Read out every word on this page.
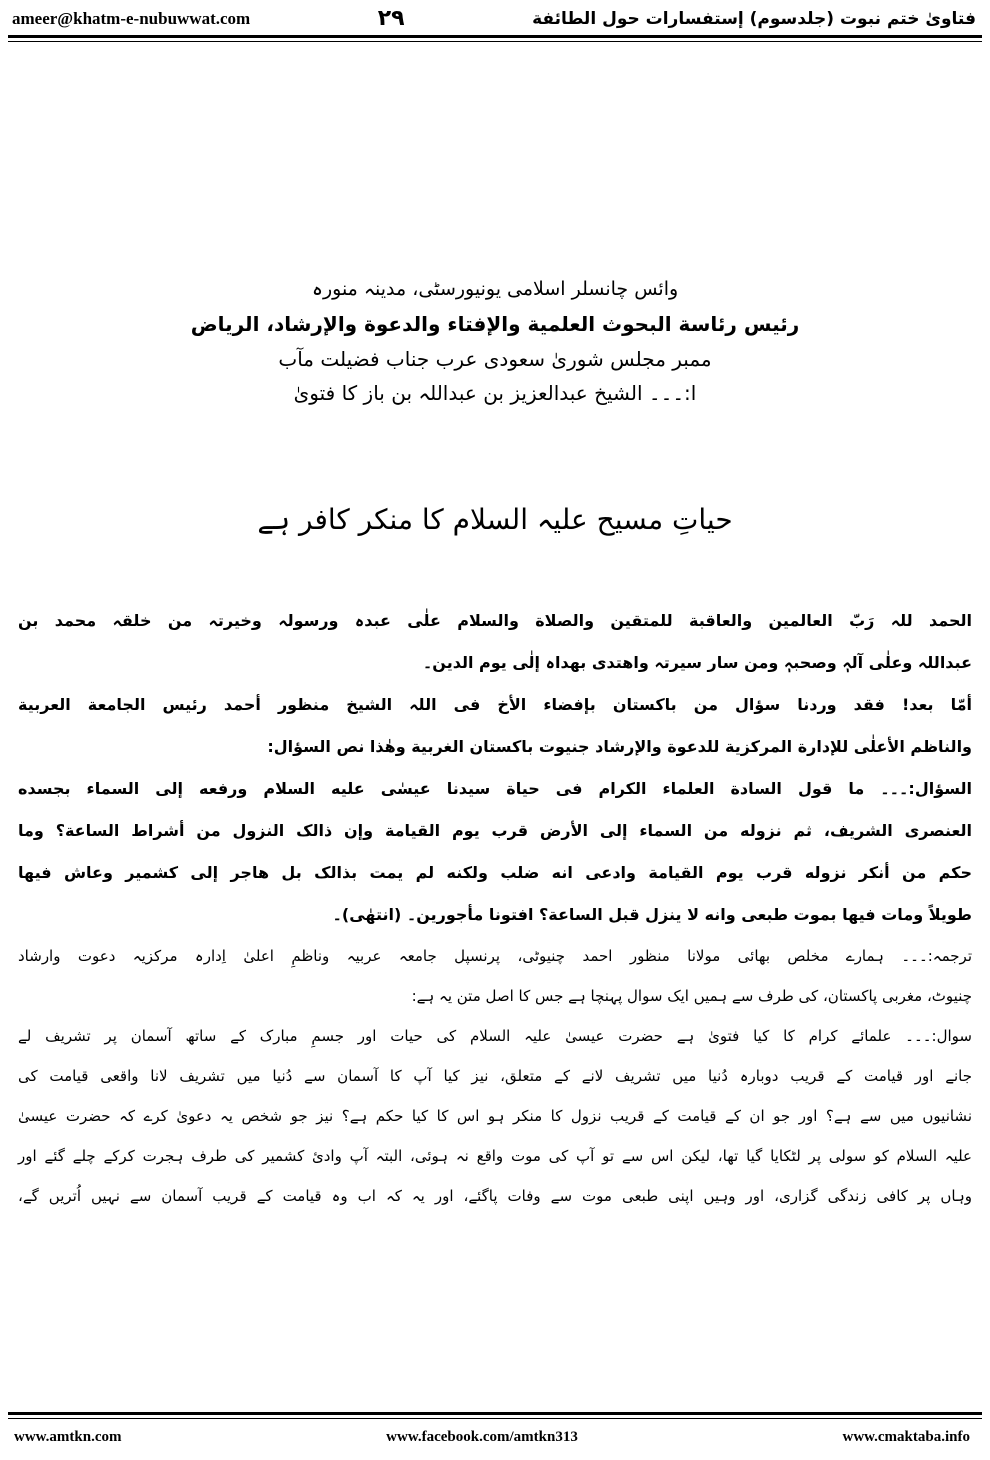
ameer@khatm-e-nubuwwat.com	٢٩	فتاویٰ ختم نبوت (جلدسوم) إستفسارات حول الطائفة
وائس چانسلر اسلامی یونیورسٹی، مدینہ منورہ
رئیس رئاسة البحوث العلمیة والإفتاء والدعوة والإرشاد، الریاض
ممبر مجلس شوریٰ سعودی عرب جناب فضیلت مآب
ا:۔۔۔ الشیخ عبدالعزیز بن عبداللہ بن باز کا فتویٰ
حیاتِ مسیح علیہ السلام کا منکر کافر ہے
الحمد للہ رَبّ العالمین والعاقبة للمتقین والصلاة والسلام علٰی عبدہ ورسولہ وخیرتہ من خلقہ محمد بن
عبداللہ وعلٰی آلہٖ وصحبہٖ ومن سار سیرتہ واهتدی بهداہ إلٰی یوم الدین۔
أمّا بعد! فقد وردنا سؤال من باکستان بإفضاء الأخ فی اللہ الشیخ منظور أحمد رئیس الجامعة العربیة
والناظم الأعلٰی للإدارة المرکزیة للدعوة والإرشاد جنیوت باکستان الغربیة وهٰذا نص السؤال:
السؤال:۔۔۔ ما قول السادة العلماء الکرام فی حیاة سیدنا عیسٰی علیه السلام ورفعه إلی السماء بجسده
العنصری الشریف، ثم نزوله من السماء إلی الأرض قرب یوم القیامة وإن ذالک النزول من أشراط الساعة؟ وما
حکم من أنکر نزوله قرب یوم القیامة وادعی انه ضلب ولکنه لم یمت بذالک بل هاجر إلی کشمیر وعاش فیها
طویلاً ومات فیها بموت طبعی وانه لا ینزل قبل الساعة؟ افتونا مأجورین۔ (انتهٰی)۔
ترجمہ:۔۔۔ ہمارے مخلص بھائی مولانا منظور احمد چنیوٹی، پرنسپل جامعہ عربیہ وناظمِ اعلیٰ اِدارہ مرکزیہ دعوت وارشاد
چنیوٹ، مغربی پاکستان، کی طرف سے ہمیں ایک سوال پہنچا ہے جس کا اصل متن یہ ہے:
سوال:۔۔۔ علمائے کرام کا کیا فتویٰ ہے حضرت عیسیٰ علیہ السلام کی حیات اور جسمِ مبارک کے ساتھ آسمان پر تشریف لے
جانے اور قیامت کے قریب دوبارہ دُنیا میں تشریف لانے کے متعلق، نیز کیا آپ کا آسمان سے دُنیا میں تشریف لانا واقعی قیامت کی
نشانیوں میں سے ہے؟ اور جو ان کے قیامت کے قریب نزول کا منکر ہو اس کا کیا حکم ہے؟ نیز جو شخص یہ دعویٰ کرے کہ حضرت عیسیٰ
علیہ السلام کو سولی پر لٹکایا گیا تھا، لیکن اس سے تو آپ کی موت واقع نہ ہوئی، البتہ آپ وادیٔ کشمیر کی طرف ہجرت کرکے چلے گئے اور
وہاں پر کافی زندگی گزاری، اور وہیں اپنی طبعی موت سے وفات پاگئے، اور یہ کہ اب وہ قیامت کے قریب آسمان سے نہیں اُتریں گے،
www.amtkn.com	www.facebook.com/amtkn313	www.cmaktaba.info
